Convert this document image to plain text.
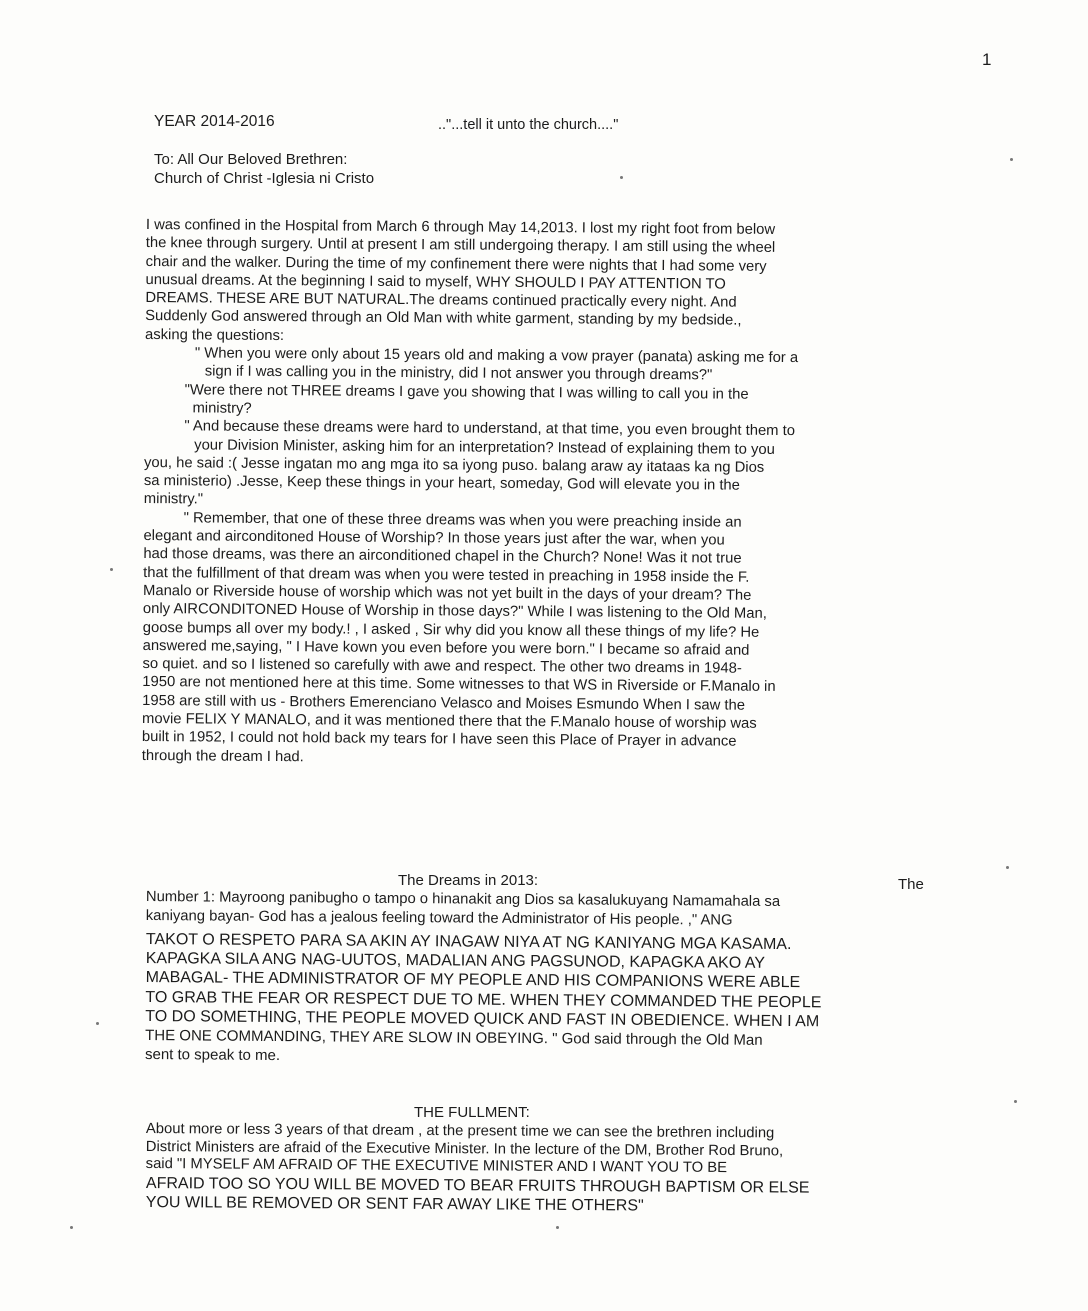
1
YEAR 2014-2016	.."...tell it unto the church...."
To: All Our Beloved Brethren:
Church of Christ -Iglesia ni Cristo
I was confined in the Hospital from March 6 through May 14,2013. I lost my right foot from below
the knee through surgery. Until at present I am still undergoing therapy. I am still using the wheel
chair and the walker. During the time of my confinement there were nights that I had some very
unusual dreams. At the beginning I said to myself, WHY SHOULD I PAY ATTENTION TO
DREAMS. THESE ARE BUT NATURAL.The dreams continued practically every night. And
Suddenly God answered through an Old Man with white garment, standing by my bedside.,
asking the questions:
" When you were only about 15 years old and making a vow prayer (panata) asking me for a
sign if I was calling you in the ministry, did I not answer you through dreams?"
"Were there not THREE dreams I gave you showing that I was willing to call you in the
ministry?
" And because these dreams were hard to understand, at that time, you even brought them to
your Division Minister, asking him for an interpretation? Instead of explaining them to you
you, he said :( Jesse ingatan mo ang mga ito sa iyong puso. balang araw ay itataas ka ng Dios
sa ministerio) .Jesse, Keep these things in your heart, someday, God will elevate you in the
ministry."
" Remember, that one of these three dreams was when you were preaching inside an
elegant and airconditoned House of Worship? In those years just after the war, when you
had those dreams, was there an airconditioned chapel in the Church? None! Was it not true
that the fulfillment of that dream was when you were tested in preaching in 1958 inside the F.
Manalo or Riverside house of worship which was not yet built in the days of your dream? The
only AIRCONDITONED House of Worship in those days?" While I was listening to the Old Man,
goose bumps all over my body.! , I asked , Sir why did you know all these things of my life? He
answered me,saying, " I Have kown you even before you were born." I became so afraid and
so quiet. and so I listened so carefully with awe and respect. The other two dreams in 1948-
1950 are not mentioned here at this time. Some witnesses to that WS in Riverside or F.Manalo in
1958 are still with us - Brothers Emerenciano Velasco and Moises Esmundo When I saw the
movie FELIX Y MANALO, and it was mentioned there that the F.Manalo house of worship was
built in 1952, I could not hold back my tears for I have seen this Place of Prayer in advance
through the dream I had.
The Dreams in 2013:	The
Number 1: Mayroong panibugho o tampo o hinanakit ang Dios sa kasalukuyang Namamahala sa
kaniyang bayan- God has a jealous feeling toward the Administrator of His people. ," ANG
TAKOT O RESPETO PARA SA AKIN AY INAGAW NIYA AT NG KANIYANG MGA KASAMA.
KAPAGKA SILA ANG NAG-UUTOS, MADALIAN ANG PAGSUNOD, KAPAGKA AKO AY
MABAGAL- THE ADMINISTRATOR OF MY PEOPLE AND HIS COMPANIONS WERE ABLE
TO GRAB THE FEAR OR RESPECT DUE TO ME. WHEN THEY COMMANDED THE PEOPLE
TO DO SOMETHING, THE PEOPLE MOVED QUICK AND FAST IN OBEDIENCE. WHEN I AM
THE ONE COMMANDING, THEY ARE SLOW IN OBEYING. " God said through the Old Man
sent to speak to me.
THE FULLMENT:
About more or less 3 years of that dream , at the present time we can see the brethren including
District Ministers are afraid of the Executive Minister. In the lecture of the DM, Brother Rod Bruno,
said "I MYSELF AM AFRAID OF THE EXECUTIVE MINISTER AND I WANT YOU TO BE
AFRAID TOO SO YOU WILL BE MOVED TO BEAR FRUITS THROUGH BAPTISM OR ELSE
YOU WILL BE REMOVED OR SENT FAR AWAY LIKE THE OTHERS"
